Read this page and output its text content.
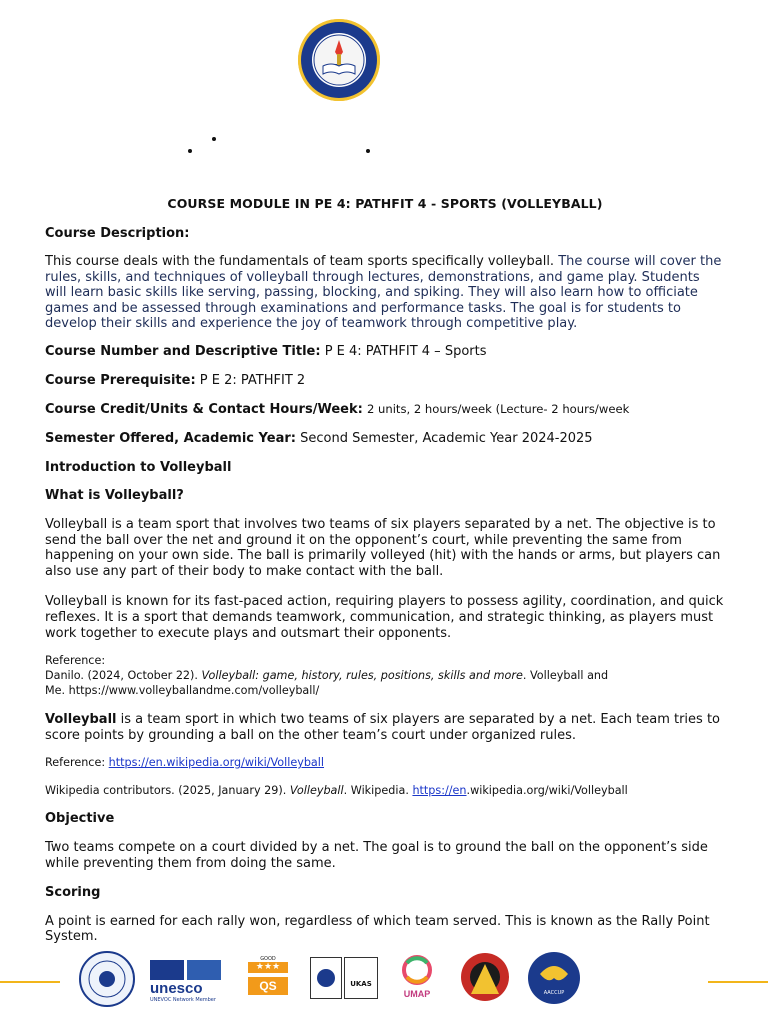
COURSE MODULE IN PE 4: PATHFIT 4 - SPORTS (VOLLEYBALL)
Course Description:

This course deals with the fundamentals of team sports specifically volleyball. The course will cover the rules, skills, and techniques of volleyball through lectures, demonstrations, and game play. Students will learn basic skills like serving, passing, blocking, and spiking. They will also learn how to officiate games and be assessed through examinations and performance tasks. The goal is for students to develop their skills and experience the joy of teamwork through competitive play.

Course Number and Descriptive Title: P E 4: PATHFIT 4 – Sports
Course Prerequisite: P E 2: PATHFIT 2
Course Credit/Units & Contact Hours/Week: 2 units, 2 hours/week (Lecture- 2 hours/week
Semester Offered, Academic Year: Second Semester, Academic Year 2024-2025
Introduction to Volleyball
What is Volleyball?

Volleyball is a team sport that involves two teams of six players separated by a net. The objective is to send the ball over the net and ground it on the opponent’s court, while preventing the same from happening on your own side. The ball is primarily volleyed (hit) with the hands or arms, but players can also use any part of their body to make contact with the ball.

Volleyball is known for its fast-paced action, requiring players to possess agility, coordination, and quick reflexes. It is a sport that demands teamwork, communication, and strategic thinking, as players must work together to execute plays and outsmart their opponents.

Reference:
Danilo. (2024, October 22). Volleyball: game, history, rules, positions, skills and more. Volleyball and Me. https://www.volleyballandme.com/volleyball/

Volleyball is a team sport in which two teams of six players are separated by a net. Each team tries to score points by grounding a ball on the other team’s court under organized rules.

Reference: https://en.wikipedia.org/wiki/Volleyball
Wikipedia contributors. (2025, January 29). Volleyball. Wikipedia. https://en.wikipedia.org/wiki/Volleyball
Objective

Two teams compete on a court divided by a net. The goal is to ground the ball on the opponent’s side while preventing them from doing the same.

Scoring

A point is earned for each rally won, regardless of which team served. This is known as the Rally Point System.

unesco
UNEVOC Network Member
GOOD
★★★
QS	UKAS
UMAP	AACCUP
